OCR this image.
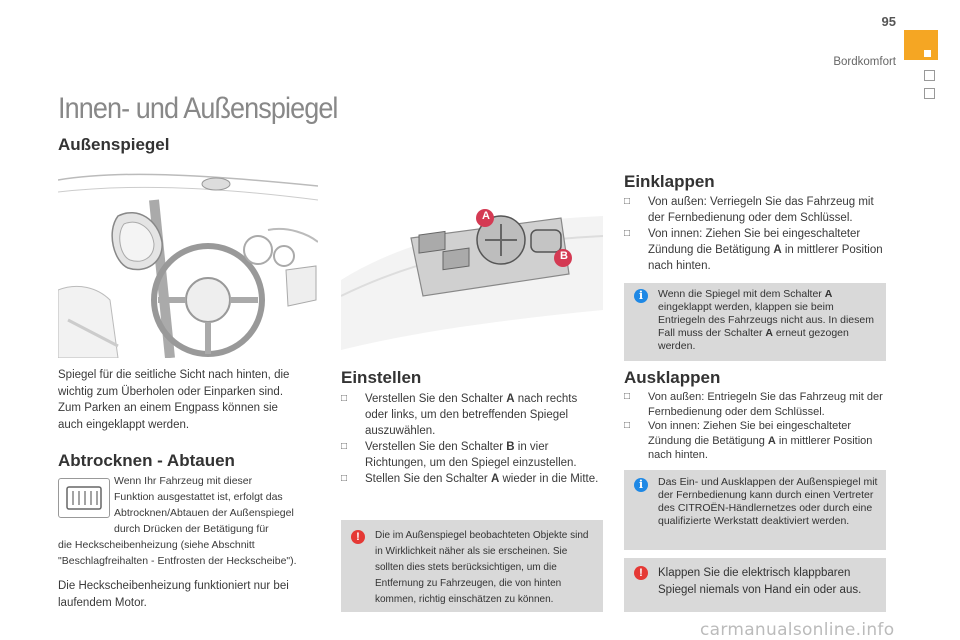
95
Bordkomfort
Innen- und Außenspiegel
Außenspiegel
Spiegel für die seitliche Sicht nach hinten, die
wichtig zum Überholen oder Einparken sind.
Zum Parken an einem Engpass können sie
auch eingeklappt werden.
Abtrocknen - Abtauen
Wenn Ihr Fahrzeug mit dieser
Funktion ausgestattet ist, erfolgt das
Abtrocknen/Abtauen der Außenspiegel
durch Drücken der Betätigung für
die Heckscheibenheizung (siehe Abschnitt
"Beschlagfreihalten - Entfrosten der Heckscheibe").
Die Heckscheibenheizung funktioniert nur bei
laufendem Motor.
A
B
Einstellen
□ Verstellen Sie den Schalter A nach rechts oder links, um den betreffenden Spiegel auszuwählen.
□ Verstellen Sie den Schalter B in vier Richtungen, um den Spiegel einzustellen.
□ Stellen Sie den Schalter A wieder in die Mitte.
!	Die im Außenspiegel beobachteten Objekte sind in Wirklichkeit näher als sie erscheinen. Sie sollten dies stets berücksichtigen, um die Entfernung zu Fahrzeugen, die von hinten kommen, richtig einschätzen zu können.
Einklappen
□ Von außen: Verriegeln Sie das Fahrzeug mit der Fernbedienung oder dem Schlüssel.
□ Von innen: Ziehen Sie bei eingeschalteter Zündung die Betätigung A in mittlerer Position nach hinten.
i	Wenn die Spiegel mit dem Schalter A eingeklappt werden, klappen sie beim Entriegeln des Fahrzeugs nicht aus. In diesem Fall muss der Schalter A erneut gezogen werden.
Ausklappen
□ Von außen: Entriegeln Sie das Fahrzeug mit der Fernbedienung oder dem Schlüssel.
□ Von innen: Ziehen Sie bei eingeschalteter Zündung die Betätigung A in mittlerer Position nach hinten.
i	Das Ein- und Ausklappen der Außenspiegel mit der Fernbedienung kann durch einen Vertreter des CITROËN-Händlernetzes oder durch eine qualifizierte Werkstatt deaktiviert werden.
!	Klappen Sie die elektrisch klappbaren Spiegel niemals von Hand ein oder aus.
carmanualsonline.info
